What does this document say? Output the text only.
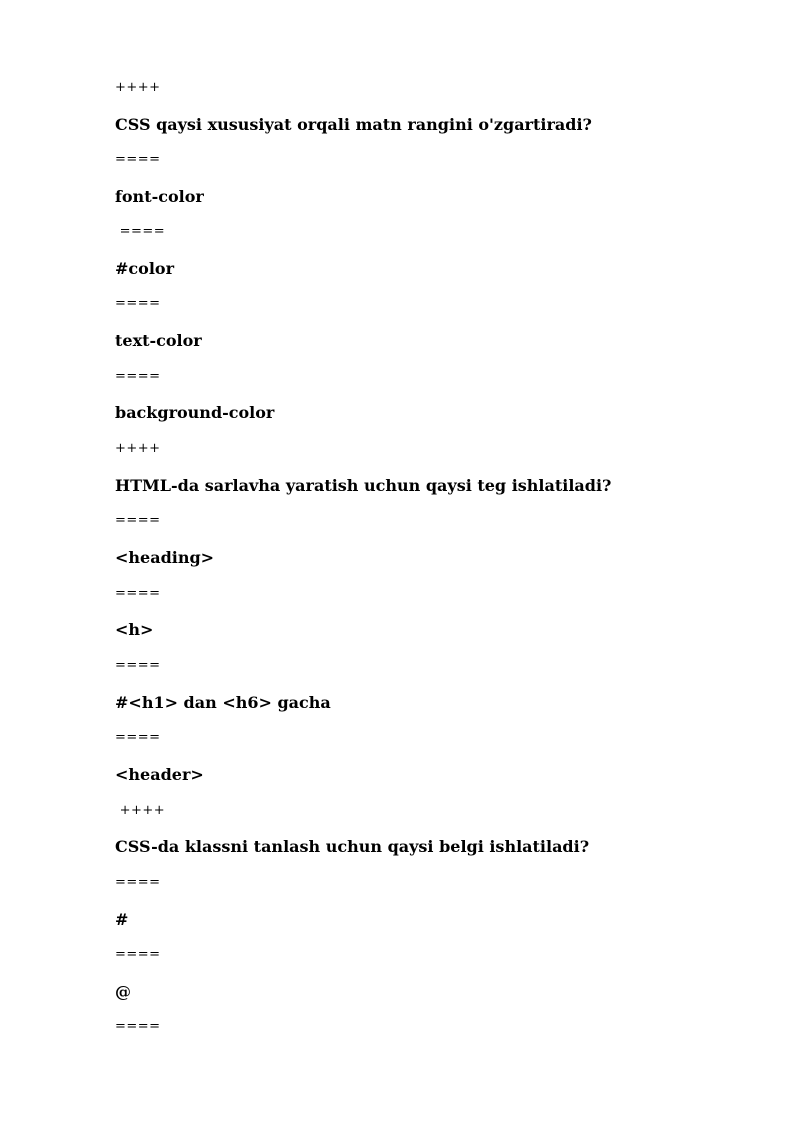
++++
CSS qaysi xususiyat orqali matn rangini o'zgartiradi?
====
font-color
====
#color
====
text-color
====
background-color
++++
HTML-da sarlavha yaratish uchun qaysi teg ishlatiladi?
====
<heading>
====
<h>
====
#<h1> dan <h6> gacha
====
<header>
++++
CSS-da klassni tanlash uchun qaysi belgi ishlatiladi?
====
#
====
@
====
